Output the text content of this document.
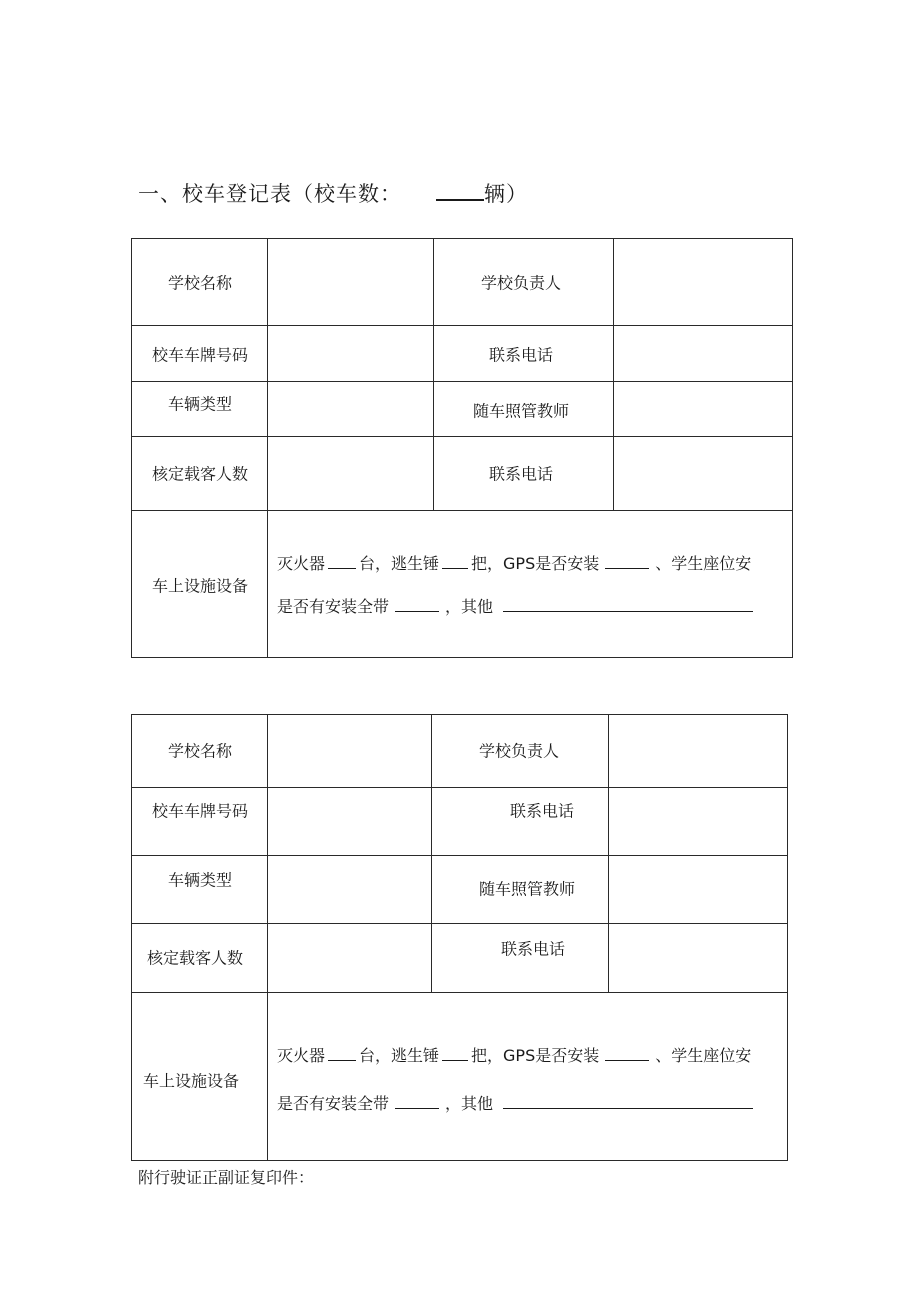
一、校车登记表（校车数：	辆）
学校名称	学校负责人
校车车牌号码	联系电话
车辆类型	随车照管教师
核定载客人数	联系电话
车上设施设备
灭火器 台，逃生锤 把，GPS是否安装	、学生座位安
是否有安装全带	，其他
学校名称	学校负责人
校车车牌号码	联系电话
车辆类型	随车照管教师
核定载客人数	联系电话
车上设施设备
灭火器 台，逃生锤 把，GPS是否安装	、学生座位安
是否有安装全带	，其他
附行驶证正副证复印件：
